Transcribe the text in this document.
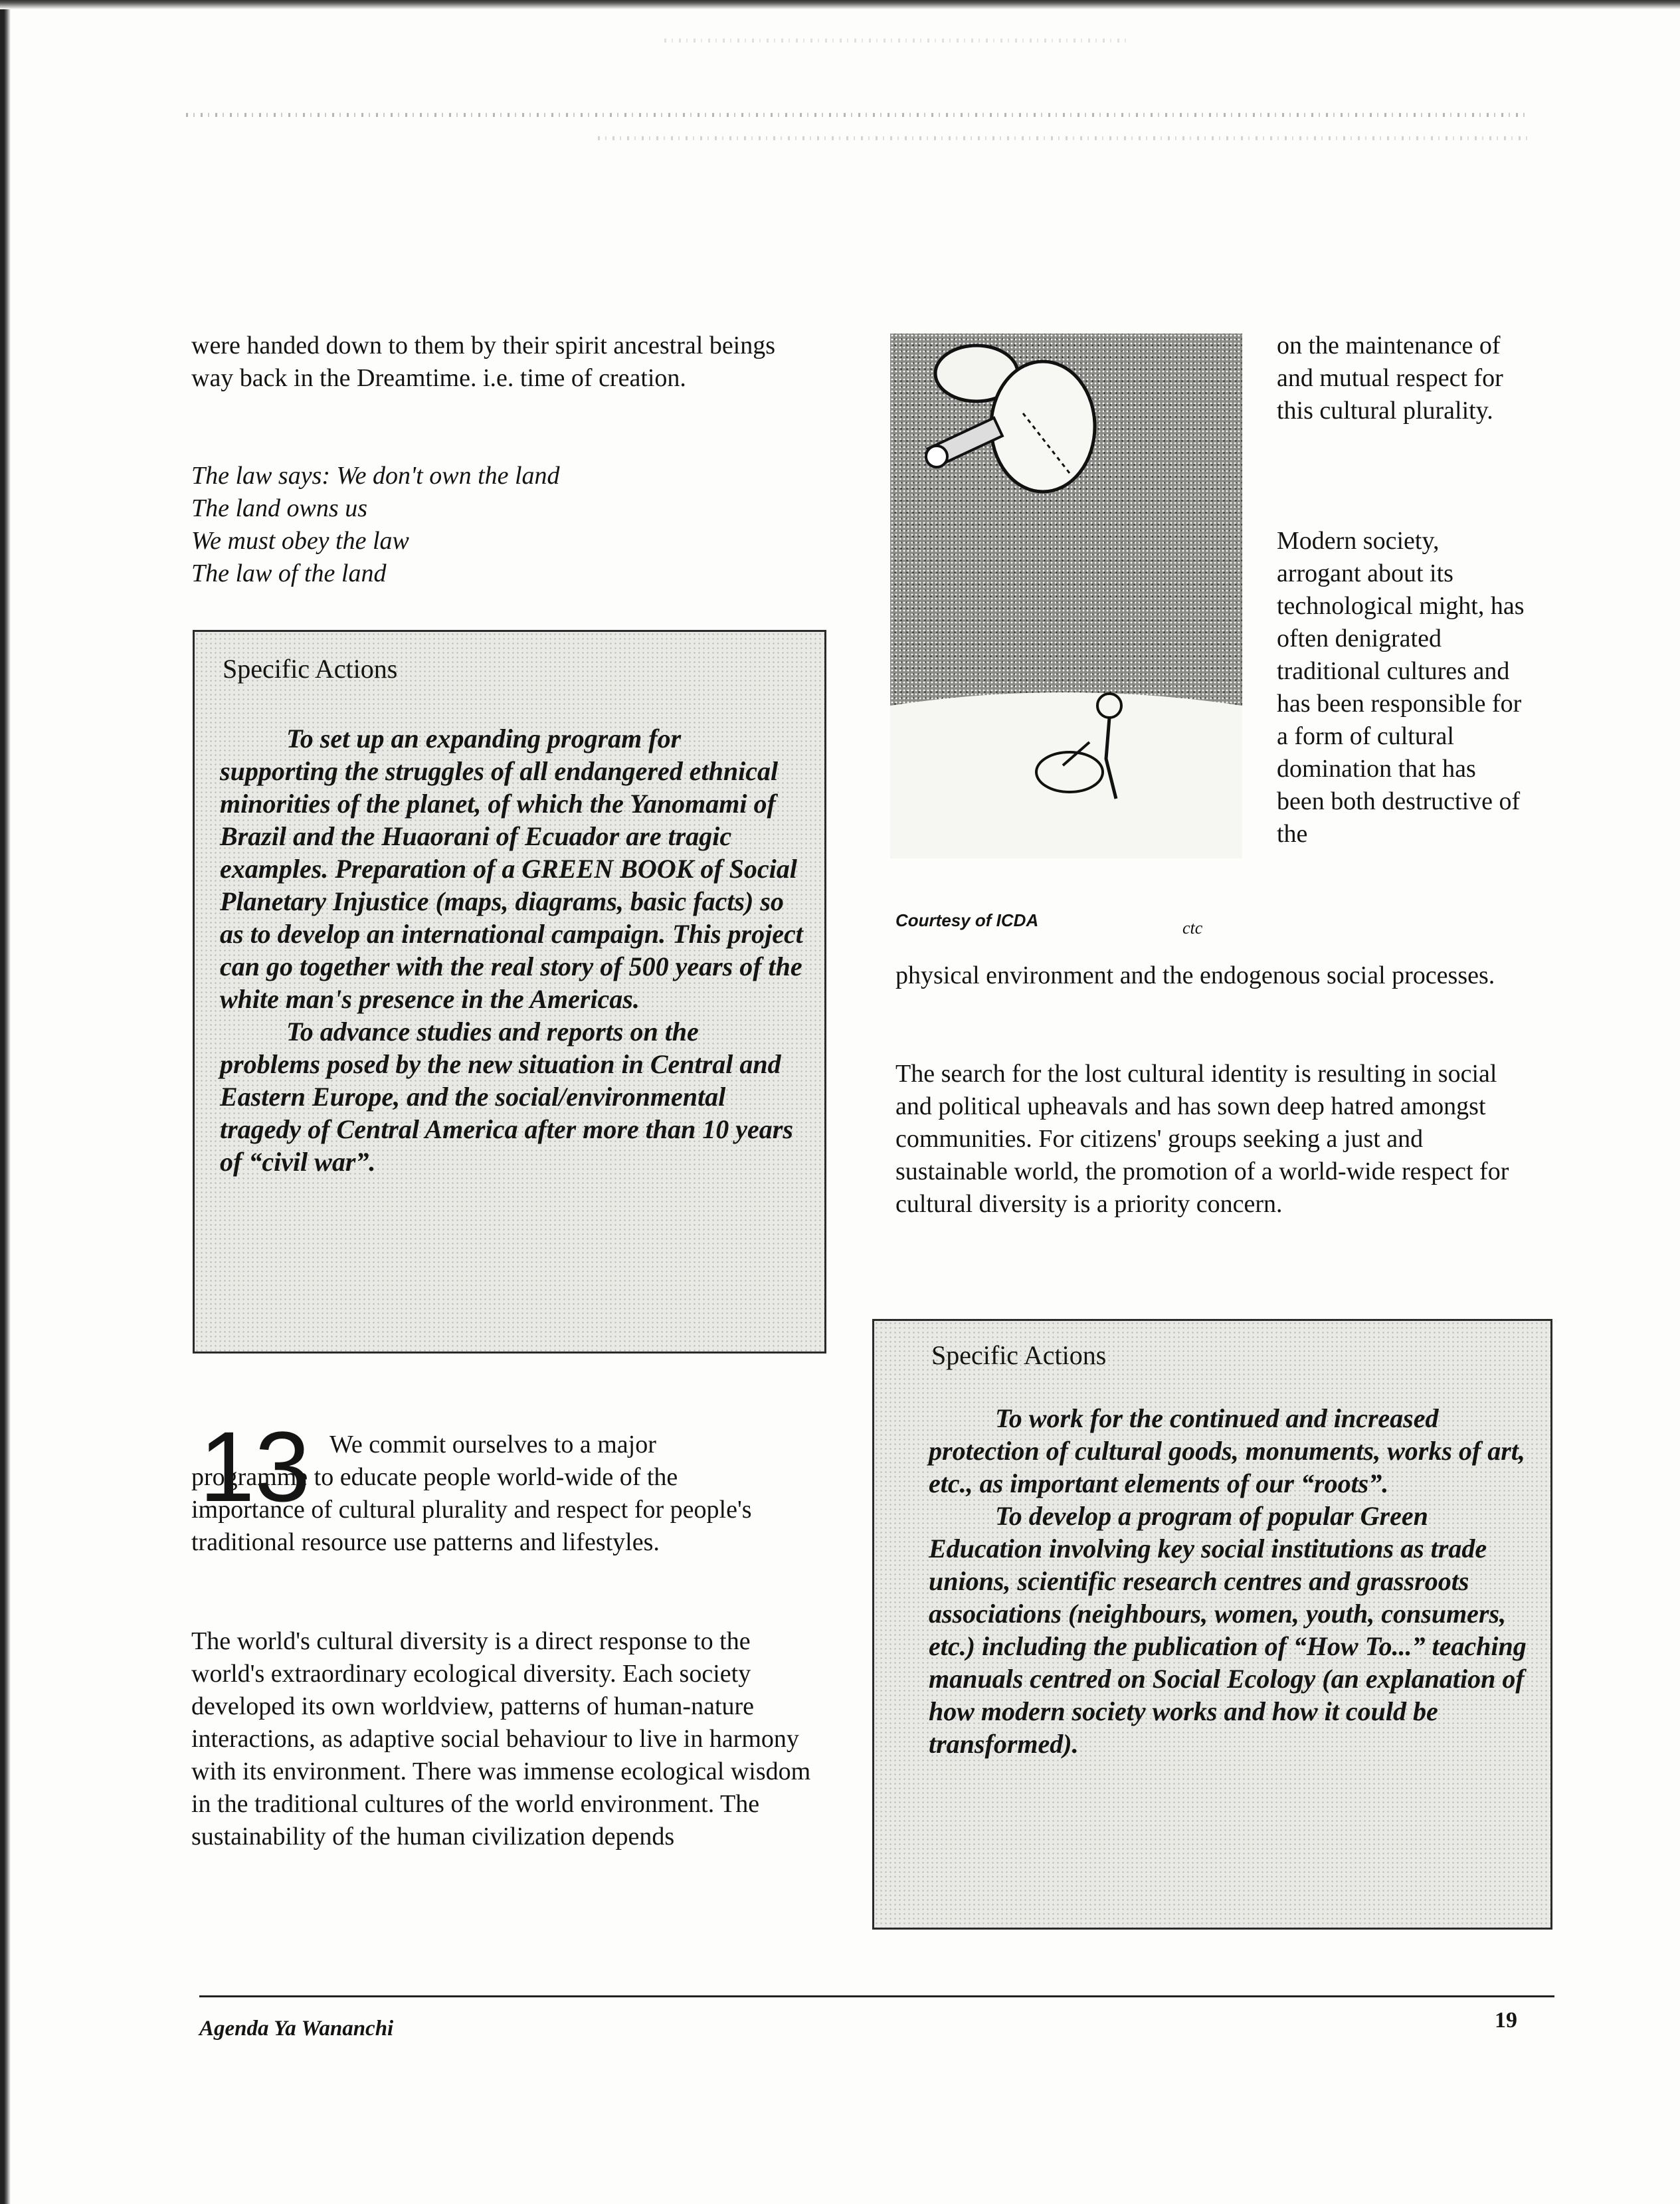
were handed down to them by their spirit ancestral beings way back in the Dreamtime. i.e. time of creation.

The law says: We don't own the land
The land owns us
We must obey the law
The law of the land
Specific Actions

To set up an expanding program for supporting the struggles of all endangered ethnical minorities of the planet, of which the Yanomami of Brazil and the Huaorani of Ecuador are tragic examples. Preparation of a GREEN BOOK of Social Planetary Injustice (maps, diagrams, basic facts) so as to develop an international campaign. This project can go together with the real story of 500 years of the white man's presence in the Americas.

To advance studies and reports on the problems posed by the new situation in Central and Eastern Europe, and the social/environmental tragedy of Central America after more than 10 years of “civil war”.

13 We commit ourselves to a major programme to educate people world-wide of the importance of cultural plurality and respect for people's traditional resource use patterns and lifestyles.

The world's cultural diversity is a direct response to the world's extraordinary ecological diversity. Each society developed its own worldview, patterns of human-nature interactions, as adaptive social behaviour to live in harmony with its environment. There was immense ecological wisdom in the traditional cultures of the world environment. The sustainability of the human civilization depends

Courtesy of ICDA	ctc

on the maintenance of and mutual respect for this cultural plurality.

Modern society, arrogant about its technological might, has often denigrated traditional cultures and has been responsible for a form of cultural domination that has been both destructive of the

physical environment and the endogenous social processes.

The search for the lost cultural identity is resulting in social and political upheavals and has sown deep hatred amongst communities. For citizens' groups seeking a just and sustainable world, the promotion of a world-wide respect for cultural diversity is a priority concern.

Specific Actions

To work for the continued and increased protection of cultural goods, monuments, works of art, etc., as important elements of our “roots”.

To develop a program of popular Green Education involving key social institutions as trade unions, scientific research centres and grassroots associations (neighbours, women, youth, consumers, etc.) including the publication of “How To...” teaching manuals centred on Social Ecology (an explanation of how modern society works and how it could be transformed).

Agenda Ya Wananchi	19
